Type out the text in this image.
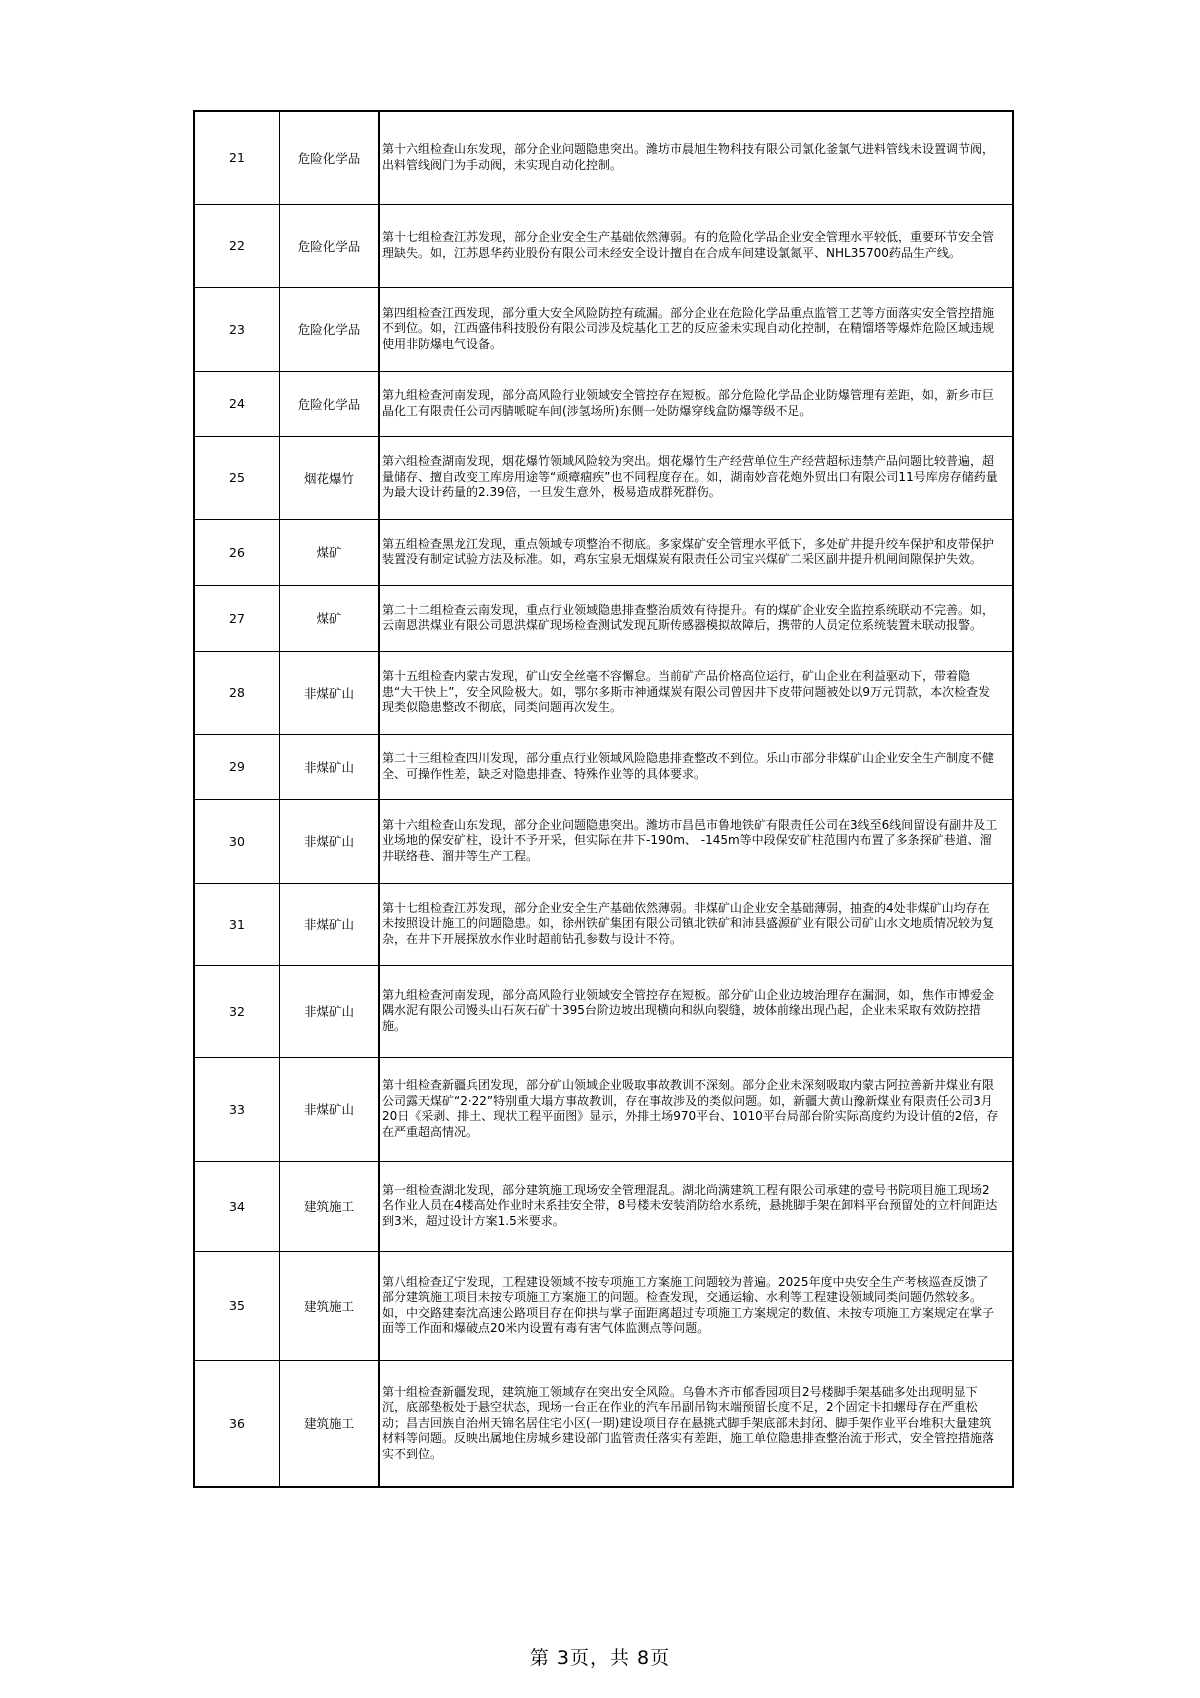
21	危险化学品	第十六组检查山东发现，部分企业问题隐患突出。潍坊市晨旭生物科技有限公司氯化釜氯气进料管线未设置调节阀，出料管线阀门为手动阀，未实现自动化控制。
22	危险化学品	第十七组检查江苏发现，部分企业安全生产基础依然薄弱。有的危险化学品企业安全管理水平较低，重要环节安全管理缺失。如，江苏恩华药业股份有限公司未经安全设计擅自在合成车间建设氯氮平、NHL35700药品生产线。
23	危险化学品	第四组检查江西发现，部分重大安全风险防控有疏漏。部分企业在危险化学品重点监管工艺等方面落实安全管控措施不到位。如，江西盛伟科技股份有限公司涉及烷基化工艺的反应釜未实现自动化控制，在精馏塔等爆炸危险区域违规使用非防爆电气设备。
24	危险化学品	第九组检查河南发现，部分高风险行业领域安全管控存在短板。部分危险化学品企业防爆管理有差距，如，新乡市巨晶化工有限责任公司丙腈哌啶车间(涉氢场所)东侧一处防爆穿线盒防爆等级不足。
25	烟花爆竹	第六组检查湖南发现，烟花爆竹领域风险较为突出。烟花爆竹生产经营单位生产经营超标违禁产品问题比较普遍，超量储存、擅自改变工库房用途等“顽瘴痼疾”也不同程度存在。如，湖南妙音花炮外贸出口有限公司11号库房存储药量为最大设计药量的2.39倍，一旦发生意外，极易造成群死群伤。
26	煤矿	第五组检查黑龙江发现，重点领域专项整治不彻底。多家煤矿安全管理水平低下，多处矿井提升绞车保护和皮带保护装置没有制定试验方法及标准。如，鸡东宝泉无烟煤炭有限责任公司宝兴煤矿二采区副井提升机闸间隙保护失效。
27	煤矿	第二十二组检查云南发现，重点行业领域隐患排查整治质效有待提升。有的煤矿企业安全监控系统联动不完善。如，云南恩洪煤业有限公司恩洪煤矿现场检查测试发现瓦斯传感器模拟故障后，携带的人员定位系统装置未联动报警。
28	非煤矿山	第十五组检查内蒙古发现，矿山安全丝毫不容懈怠。当前矿产品价格高位运行，矿山企业在利益驱动下，带着隐患“大干快上”，安全风险极大。如，鄂尔多斯市神通煤炭有限公司曾因井下皮带问题被处以9万元罚款，本次检查发现类似隐患整改不彻底，同类问题再次发生。
29	非煤矿山	第二十三组检查四川发现，部分重点行业领域风险隐患排查整改不到位。乐山市部分非煤矿山企业安全生产制度不健全、可操作性差，缺乏对隐患排查、特殊作业等的具体要求。
30	非煤矿山	第十六组检查山东发现，部分企业问题隐患突出。潍坊市昌邑市鲁地铁矿有限责任公司在3线至6线间留设有副井及工业场地的保安矿柱，设计不予开采，但实际在井下-190m、 -145m等中段保安矿柱范围内布置了多条探矿巷道、溜井联络巷、溜井等生产工程。
31	非煤矿山	第十七组检查江苏发现，部分企业安全生产基础依然薄弱。非煤矿山企业安全基础薄弱，抽查的4处非煤矿山均存在未按照设计施工的问题隐患。如，徐州铁矿集团有限公司镇北铁矿和沛县盛源矿业有限公司矿山水文地质情况较为复杂，在井下开展探放水作业时超前钻孔参数与设计不符。
32	非煤矿山	第九组检查河南发现，部分高风险行业领域安全管控存在短板。部分矿山企业边坡治理存在漏洞，如，焦作市博爱金隅水泥有限公司馒头山石灰石矿十395台阶边坡出现横向和纵向裂缝，坡体前缘出现凸起，企业未采取有效防控措施。
33	非煤矿山	第十组检查新疆兵团发现，部分矿山领域企业吸取事故教训不深刻。部分企业未深刻吸取内蒙古阿拉善新井煤业有限公司露天煤矿“2·22”特别重大塌方事故教训，存在事故涉及的类似问题。如，新疆大黄山豫新煤业有限责任公司3月20日《采剥、排土、现状工程平面图》显示，外排土场970平台、1010平台局部台阶实际高度约为设计值的2倍，存在严重超高情况。
34	建筑施工	第一组检查湖北发现，部分建筑施工现场安全管理混乱。湖北尚满建筑工程有限公司承建的壹号书院项目施工现场2名作业人员在4楼高处作业时未系挂安全带，8号楼未安装消防给水系统，悬挑脚手架在卸料平台预留处的立杆间距达到3米，超过设计方案1.5米要求。
35	建筑施工	第八组检查辽宁发现，工程建设领域不按专项施工方案施工问题较为普遍。2025年度中央安全生产考核巡查反馈了部分建筑施工项目未按专项施工方案施工的问题。检查发现，交通运输、水利等工程建设领域同类问题仍然较多。如，中交路建秦沈高速公路项目存在仰拱与掌子面距离超过专项施工方案规定的数值、未按专项施工方案规定在掌子面等工作面和爆破点20米内设置有毒有害气体监测点等问题。
36	建筑施工	第十组检查新疆发现，建筑施工领域存在突出安全风险。乌鲁木齐市郁香园项目2号楼脚手架基础多处出现明显下沉，底部垫板处于悬空状态，现场一台正在作业的汽车吊副吊钩末端预留长度不足，2个固定卡扣螺母存在严重松动；昌吉回族自治州天锦名居住宅小区(一期)建设项目存在悬挑式脚手架底部未封闭、脚手架作业平台堆积大量建筑材料等问题。反映出属地住房城乡建设部门监管责任落实有差距，施工单位隐患排查整治流于形式，安全管控措施落实不到位。
第 3页，共 8页
